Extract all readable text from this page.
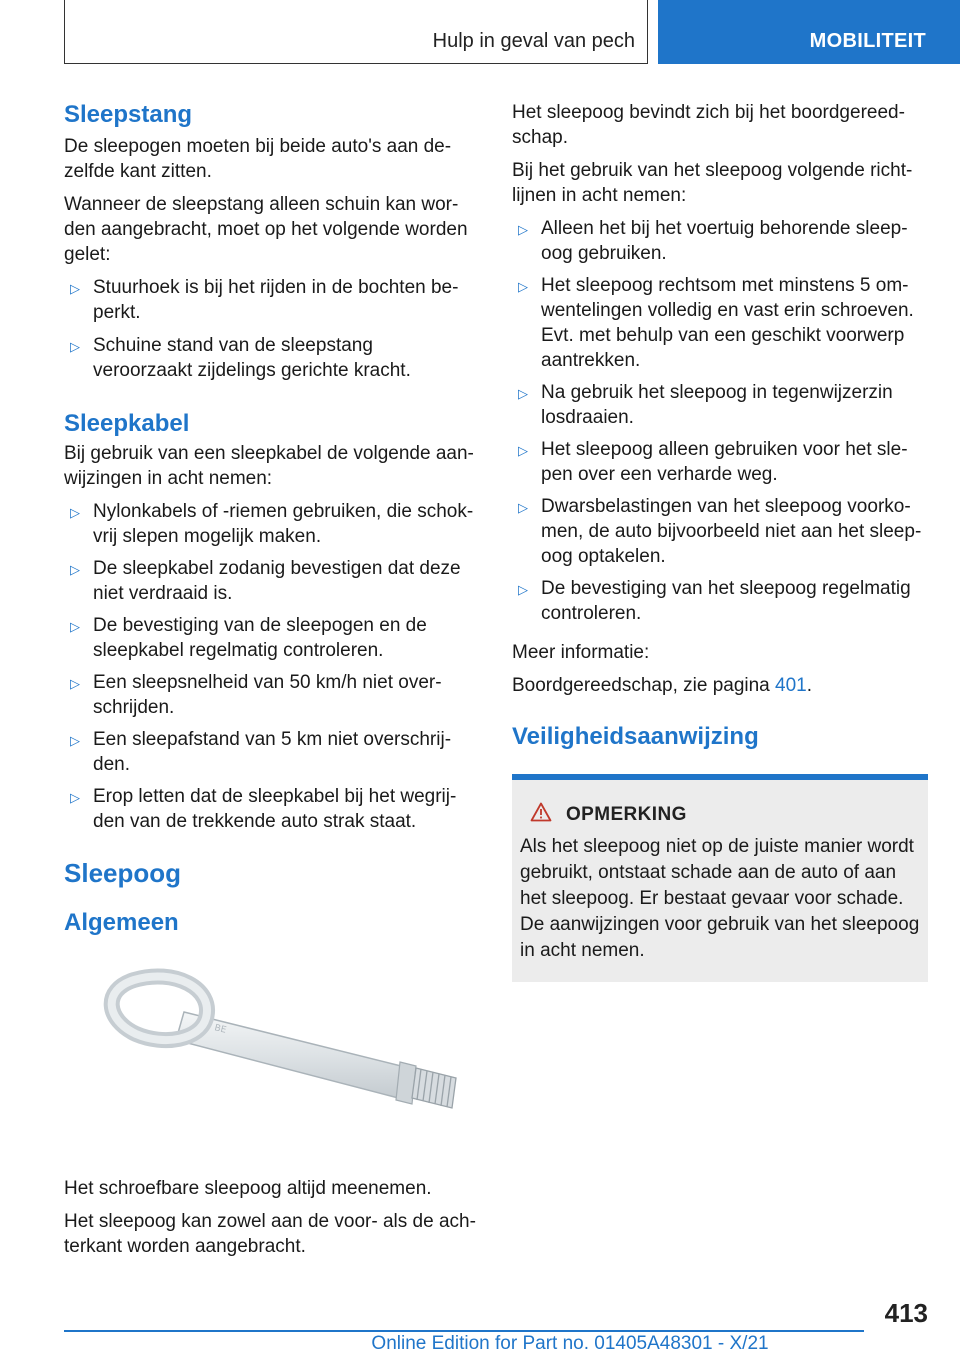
Hulp in geval van pech	MOBILITEIT
Sleepstang

De sleepogen moeten bij beide auto's aan dezelfde kant zitten.

Wanneer de sleepstang alleen schuin kan worden aangebracht, moet op het volgende worden gelet:

▷ Stuurhoek is bij het rijden in de bochten beperkt.
▷ Schuine stand van de sleepstang veroorzaakt zijdelings gerichte kracht.
Sleepkabel

Bij gebruik van een sleepkabel de volgende aanwijzingen in acht nemen:

▷ Nylonkabels of -riemen gebruiken, die schokvrij slepen mogelijk maken.
▷ De sleepkabel zodanig bevestigen dat deze niet verdraaid is.
▷ De bevestiging van de sleepogen en de sleepkabel regelmatig controleren.
▷ Een sleepsnelheid van 50 km/h niet overschrijden.
▷ Een sleepafstand van 5 km niet overschrijden.
▷ Erop letten dat de sleepkabel bij het wegrijden van de trekkende auto strak staat.
Sleepoog
Algemeen
BE

Het schroefbare sleepoog altijd meenemen.

Het sleepoog kan zowel aan de voor- als de achterkant worden aangebracht.

Het sleepoog bevindt zich bij het boordgereedschap.

Bij het gebruik van het sleepoog volgende richtlijnen in acht nemen:

▷ Alleen het bij het voertuig behorende sleepoog gebruiken.
▷ Het sleepoog rechtsom met minstens 5 omwentelingen volledig en vast erin schroeven. Evt. met behulp van een geschikt voorwerp aantrekken.
▷ Na gebruik het sleepoog in tegenwijzerzin losdraaien.
▷ Het sleepoog alleen gebruiken voor het slepen over een verharde weg.
▷ Dwarsbelastingen van het sleepoog voorkomen, de auto bijvoorbeeld niet aan het sleepoog optakelen.
▷ De bevestiging van het sleepoog regelmatig controleren.

Meer informatie:

Boordgereedschap, zie pagina 401.

Veiligheidsaanwijzing
OPMERKING

Als het sleepoog niet op de juiste manier wordt gebruikt, ontstaat schade aan de auto of aan het sleepoog. Er bestaat gevaar voor schade. De aanwijzingen voor gebruik van het sleepoog in acht nemen.

413
Online Edition for Part no. 01405A48301 - X/21
